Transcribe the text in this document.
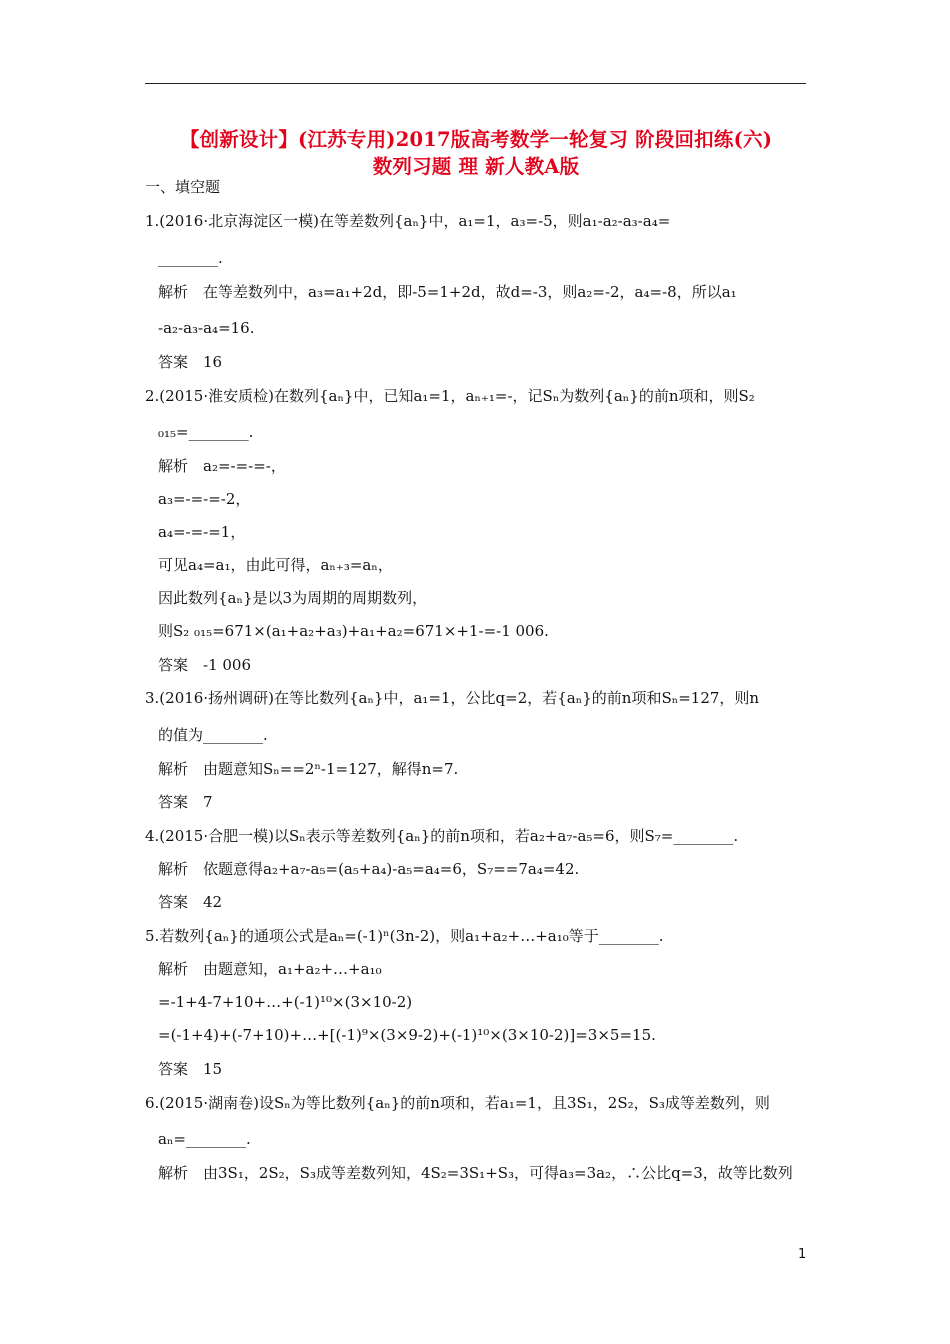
【创新设计】(江苏专用)2017版高考数学一轮复习 阶段回扣练(六)
数列习题 理 新人教A版
一、填空题
1.(2016·北京海淀区一模)在等差数列{aₙ}中，a₁=1，a₃=-5，则a₁-a₂-a₃-a₄=
________.
解析　在等差数列中，a₃=a₁+2d，即-5=1+2d，故d=-3，则a₂=-2，a₄=-8，所以a₁
-a₂-a₃-a₄=16.
答案　16
2.(2015·淮安质检)在数列{aₙ}中，已知a₁=1，aₙ₊₁=-，记Sₙ为数列{aₙ}的前n项和，则S₂
₀₁₅=________.
解析　a₂=-=-=-，
a₃=-=-=-2，
a₄=-=-=1，
可见a₄=a₁，由此可得，aₙ₊₃=aₙ，
因此数列{aₙ}是以3为周期的周期数列，
则S₂ ₀₁₅=671×(a₁+a₂+a₃)+a₁+a₂=671×+1-=-1 006.
答案　-1 006
3.(2016·扬州调研)在等比数列{aₙ}中，a₁=1，公比q=2，若{aₙ}的前n项和Sₙ=127，则n
的值为________.
解析　由题意知Sₙ==2ⁿ-1=127，解得n=7.
答案　7
4.(2015·合肥一模)以Sₙ表示等差数列{aₙ}的前n项和，若a₂+a₇-a₅=6，则S₇=________.
解析　依题意得a₂+a₇-a₅=(a₅+a₄)-a₅=a₄=6，S₇==7a₄=42.
答案　42
5.若数列{aₙ}的通项公式是aₙ=(-1)ⁿ(3n-2)，则a₁+a₂+…+a₁₀等于________.
解析　由题意知，a₁+a₂+…+a₁₀
=-1+4-7+10+…+(-1)¹⁰×(3×10-2)
=(-1+4)+(-7+10)+…+[(-1)⁹×(3×9-2)+(-1)¹⁰×(3×10-2)]=3×5=15.
答案　15
6.(2015·湖南卷)设Sₙ为等比数列{aₙ}的前n项和，若a₁=1，且3S₁，2S₂，S₃成等差数列，则
aₙ=________.
解析　由3S₁，2S₂，S₃成等差数列知，4S₂=3S₁+S₃，可得a₃=3a₂，∴公比q=3，故等比数列
1
